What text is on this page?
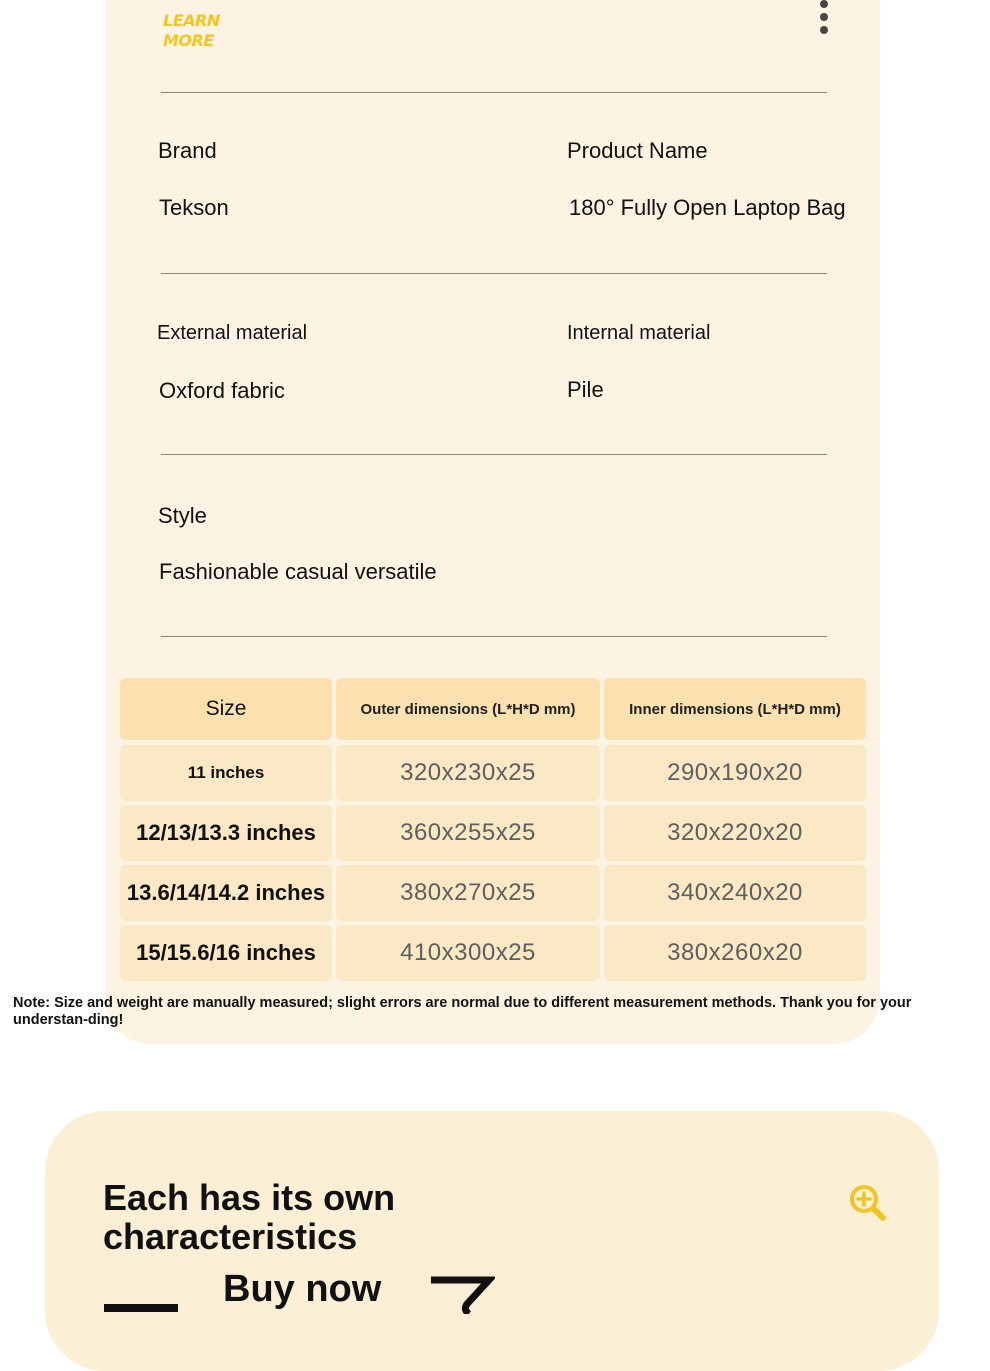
LEARN
MORE
Brand
Tekson
Product Name
180° Fully Open Laptop Bag
External material
Oxford fabric
Internal material
Pile
Style
Fashionable casual versatile
Size	Outer dimensions (L*H*D mm)	Inner dimensions (L*H*D mm)
11 inches	320x230x25	290x190x20
12/13/13.3 inches	360x255x25	320x220x20
13.6/14/14.2 inches	380x270x25	340x240x20
15/15.6/16 inches	410x300x25	380x260x20
Note: Size and weight are manually measured; slight errors are normal due to different measurement methods. Thank you for your understan-ding!
Each has its own
characteristics
Buy now
